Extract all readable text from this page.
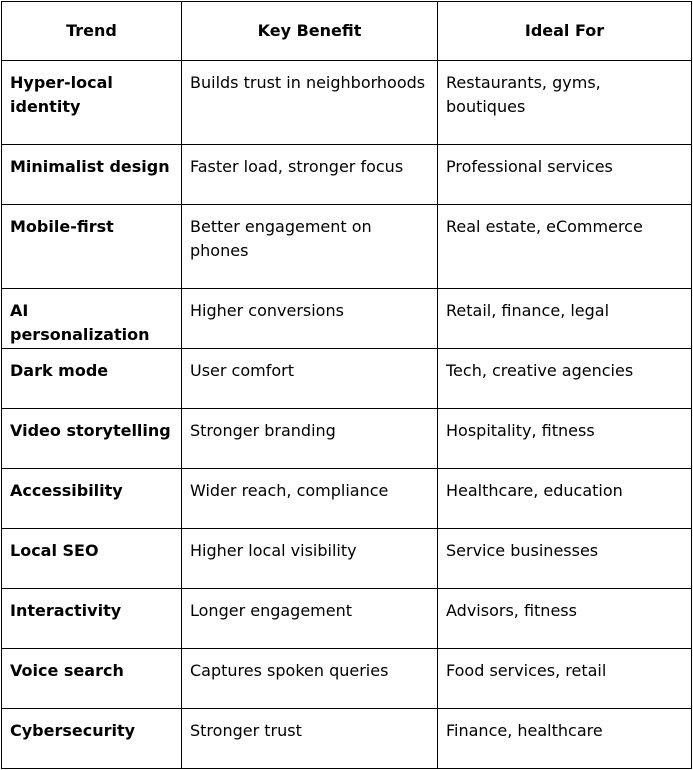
Trend	Key Benefit	Ideal For
Hyper-local identity	Builds trust in neighborhoods	Restaurants, gyms, boutiques
Minimalist design	Faster load, stronger focus	Professional services
Mobile-first	Better engagement on phones	Real estate, eCommerce
AI personalization	Higher conversions	Retail, finance, legal
Dark mode	User comfort	Tech, creative agencies
Video storytelling	Stronger branding	Hospitality, fitness
Accessibility	Wider reach, compliance	Healthcare, education
Local SEO	Higher local visibility	Service businesses
Interactivity	Longer engagement	Advisors, fitness
Voice search	Captures spoken queries	Food services, retail
Cybersecurity	Stronger trust	Finance, healthcare
